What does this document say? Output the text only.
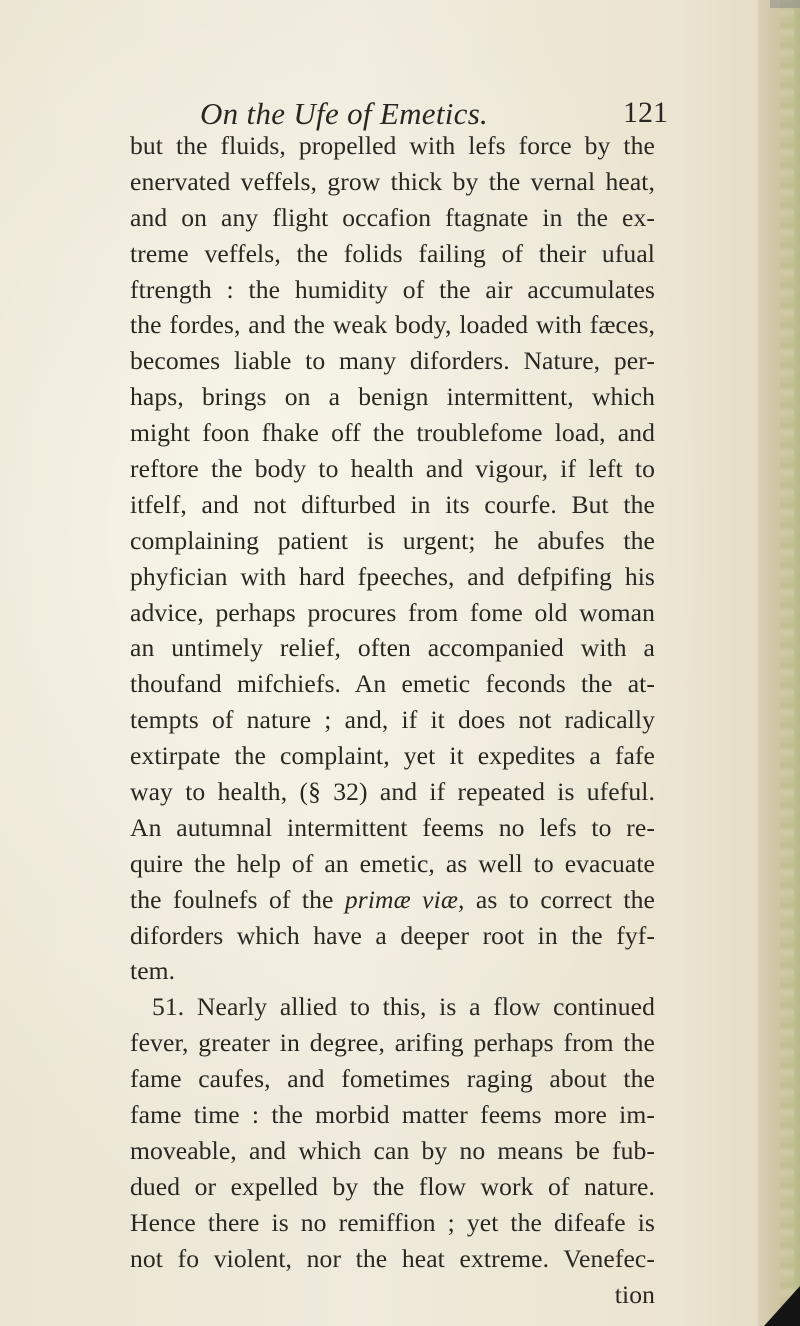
On the Ufe of Emetics.	121
but the fluids, propelled with lefs force by the
enervated veffels, grow thick by the vernal heat,
and on any flight occafion ftagnate in the ex-
treme veffels, the folids failing of their ufual
ftrength : the humidity of the air accumulates
the fordes, and the weak body, loaded with fæces,
becomes liable to many diforders. Nature, per-
haps, brings on a benign intermittent, which
might foon fhake off the troublefome load, and
reftore the body to health and vigour, if left to
itfelf, and not difturbed in its courfe. But the
complaining patient is urgent; he abufes the
phyfician with hard fpeeches, and defpifing his
advice, perhaps procures from fome old woman
an untimely relief, often accompanied with a
thoufand mifchiefs. An emetic feconds the at-
tempts of nature ; and, if it does not radically
extirpate the complaint, yet it expedites a fafe
way to health, (§ 32) and if repeated is ufeful.
An autumnal intermittent feems no lefs to re-
quire the help of an emetic, as well to evacuate
the foulnefs of the primæ viæ, as to correct the
diforders which have a deeper root in the fyf-
tem.
51. Nearly allied to this, is a flow continued
fever, greater in degree, arifing perhaps from the
fame caufes, and fometimes raging about the
fame time : the morbid matter feems more im-
moveable, and which can by no means be fub-
dued or expelled by the flow work of nature.
Hence there is no remiffion ; yet the difeafe is
not fo violent, nor the heat extreme. Venefec-
tion
